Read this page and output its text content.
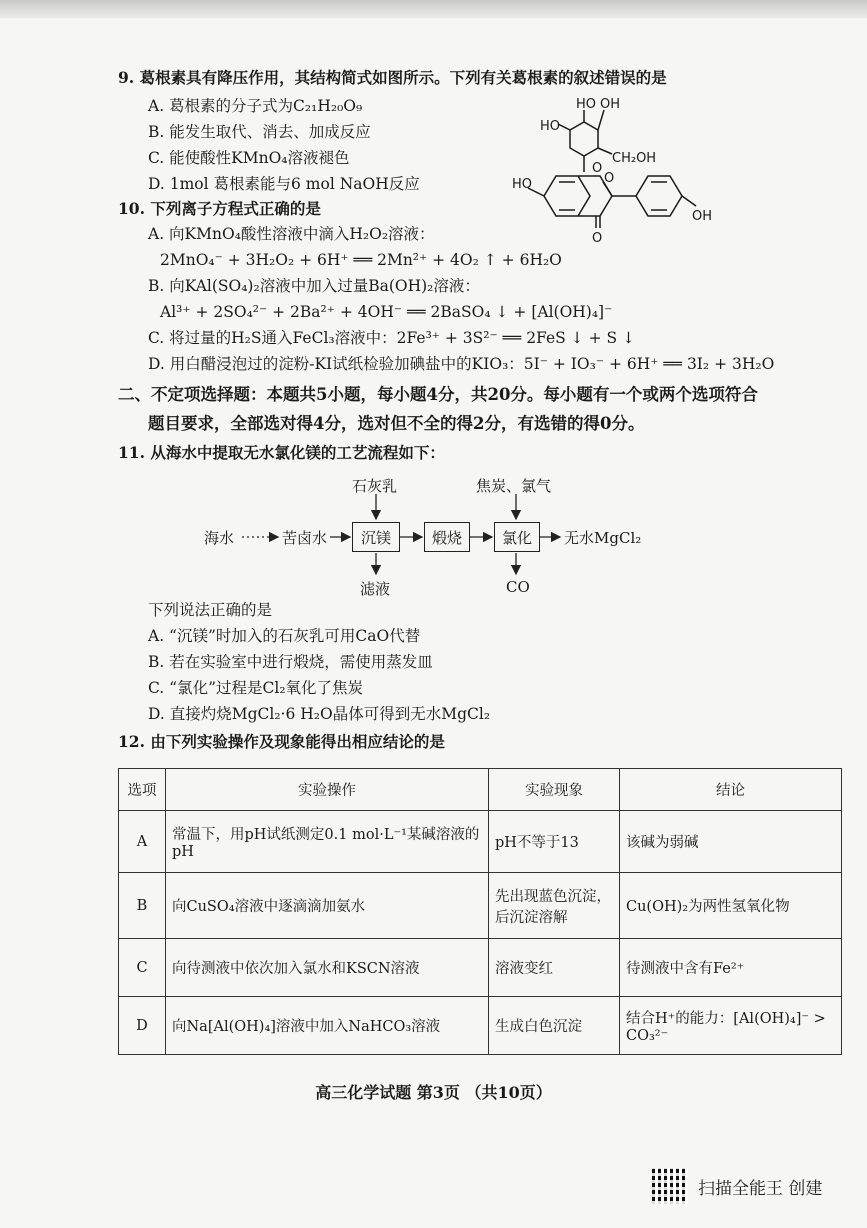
9. 葛根素具有降压作用，其结构简式如图所示。下列有关葛根素的叙述错误的是
A. 葛根素的分子式为C₂₁H₂₀O₉
B. 能发生取代、消去、加成反应
C. 能使酸性KMnO₄溶液褪色
D. 1mol 葛根素能与6 mol NaOH反应
HO OH
HO
O
CH₂OH
HO	O
O
OH
10. 下列离子方程式正确的是
A. 向KMnO₄酸性溶液中滴入H₂O₂溶液：
2MnO₄⁻ + 3H₂O₂ + 6H⁺ ══ 2Mn²⁺ + 4O₂ ↑ + 6H₂O
B. 向KAl(SO₄)₂溶液中加入过量Ba(OH)₂溶液：
Al³⁺ + 2SO₄²⁻ + 2Ba²⁺ + 4OH⁻ ══ 2BaSO₄ ↓ + [Al(OH)₄]⁻
C. 将过量的H₂S通入FeCl₃溶液中：2Fe³⁺ + 3S²⁻ ══ 2FeS ↓ + S ↓
D. 用白醋浸泡过的淀粉-KI试纸检验加碘盐中的KIO₃：5I⁻ + IO₃⁻ + 6H⁺ ══ 3I₂ + 3H₂O
二、不定项选择题：本题共5小题，每小题4分，共20分。每小题有一个或两个选项符合
题目要求，全部选对得4分，选对但不全的得2分，有选错的得0分。
11. 从海水中提取无水氯化镁的工艺流程如下：
海水	苦卤水	沉镁	煅烧	氯化	无水MgCl₂
石灰乳	焦炭、氯气
滤液	CO
下列说法正确的是
A. “沉镁”时加入的石灰乳可用CaO代替
B. 若在实验室中进行煅烧，需使用蒸发皿
C. “氯化”过程是Cl₂氧化了焦炭
D. 直接灼烧MgCl₂·6 H₂O晶体可得到无水MgCl₂
12. 由下列实验操作及现象能得出相应结论的是
选项	实验操作	实验现象	结论
A	常温下，用pH试纸测定0.1 mol·L⁻¹某碱溶液的pH	pH不等于13	该碱为弱碱
B	向CuSO₄溶液中逐滴滴加氨水	先出现蓝色沉淀，后沉淀溶解	Cu(OH)₂为两性氢氧化物
C	向待测液中依次加入氯水和KSCN溶液	溶液变红	待测液中含有Fe²⁺
D	向Na[Al(OH)₄]溶液中加入NaHCO₃溶液	生成白色沉淀	结合H⁺的能力：[Al(OH)₄]⁻ > CO₃²⁻
高三化学试题 第3页 （共10页）
扫描全能王 创建
